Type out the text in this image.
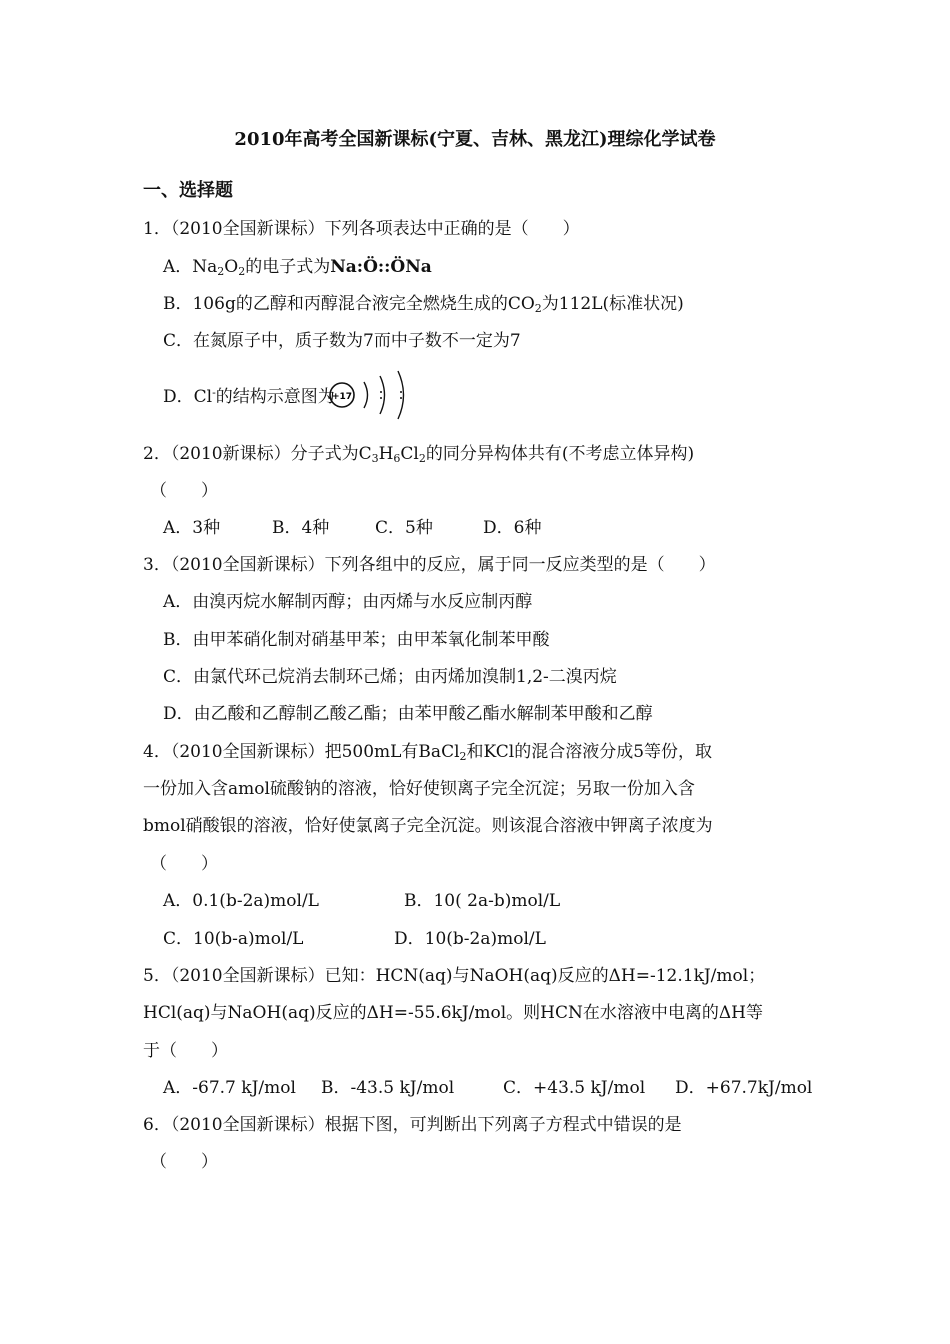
2010年高考全国新课标(宁夏、吉林、黑龙江)理综化学试卷
一、选择题
1．（2010全国新课标）下列各项表达中正确的是（　　）
A．$Na_2O_2$的电子式为Na:Ö::ÖNa
B．106g的乙醇和丙醇混合液完全燃烧生成的$CO_2$为112L(标准状况)
C．在氮原子中，质子数为7而中子数不一定为7
D．Cl-的结构示意图为
+17
2．（2010新课标）分子式为$C_3H_6Cl_2$的同分异构体共有(不考虑立体异构)
（　　）
A．3种	B．4种	C．5种	D．6种
3．（2010全国新课标）下列各组中的反应，属于同一反应类型的是（　　）
A．由溴丙烷水解制丙醇；由丙烯与水反应制丙醇
B．由甲苯硝化制对硝基甲苯；由甲苯氧化制苯甲酸
C．由氯代环己烷消去制环己烯；由丙烯加溴制1,2-二溴丙烷
D．由乙酸和乙醇制乙酸乙酯；由苯甲酸乙酯水解制苯甲酸和乙醇
4．（2010全国新课标）把500mL有BaCl$_2$和KCl的混合溶液分成5等份，取
一份加入含amol硫酸钠的溶液，恰好使钡离子完全沉淀；另取一份加入含
bmol硝酸银的溶液，恰好使氯离子完全沉淀。则该混合溶液中钾离子浓度为
（　　）
A．0.1(b-2a)mol/L	B．10( 2a-b)mol/L
C．10(b-a)mol/L	D．10(b-2a)mol/L
5．（2010全国新课标）已知：HCN(aq)与NaOH(aq)反应的ΔH=-12.1kJ/mol；
HCl(aq)与NaOH(aq)反应的ΔH=-55.6kJ/mol。则HCN在水溶液中电离的ΔH等
于（　　）
A．-67.7 kJ/mol B．-43.5 kJ/mol	C．+43.5 kJ/mol D．+67.7kJ/mol
6．（2010全国新课标）根据下图，可判断出下列离子方程式中错误的是
（　　）
